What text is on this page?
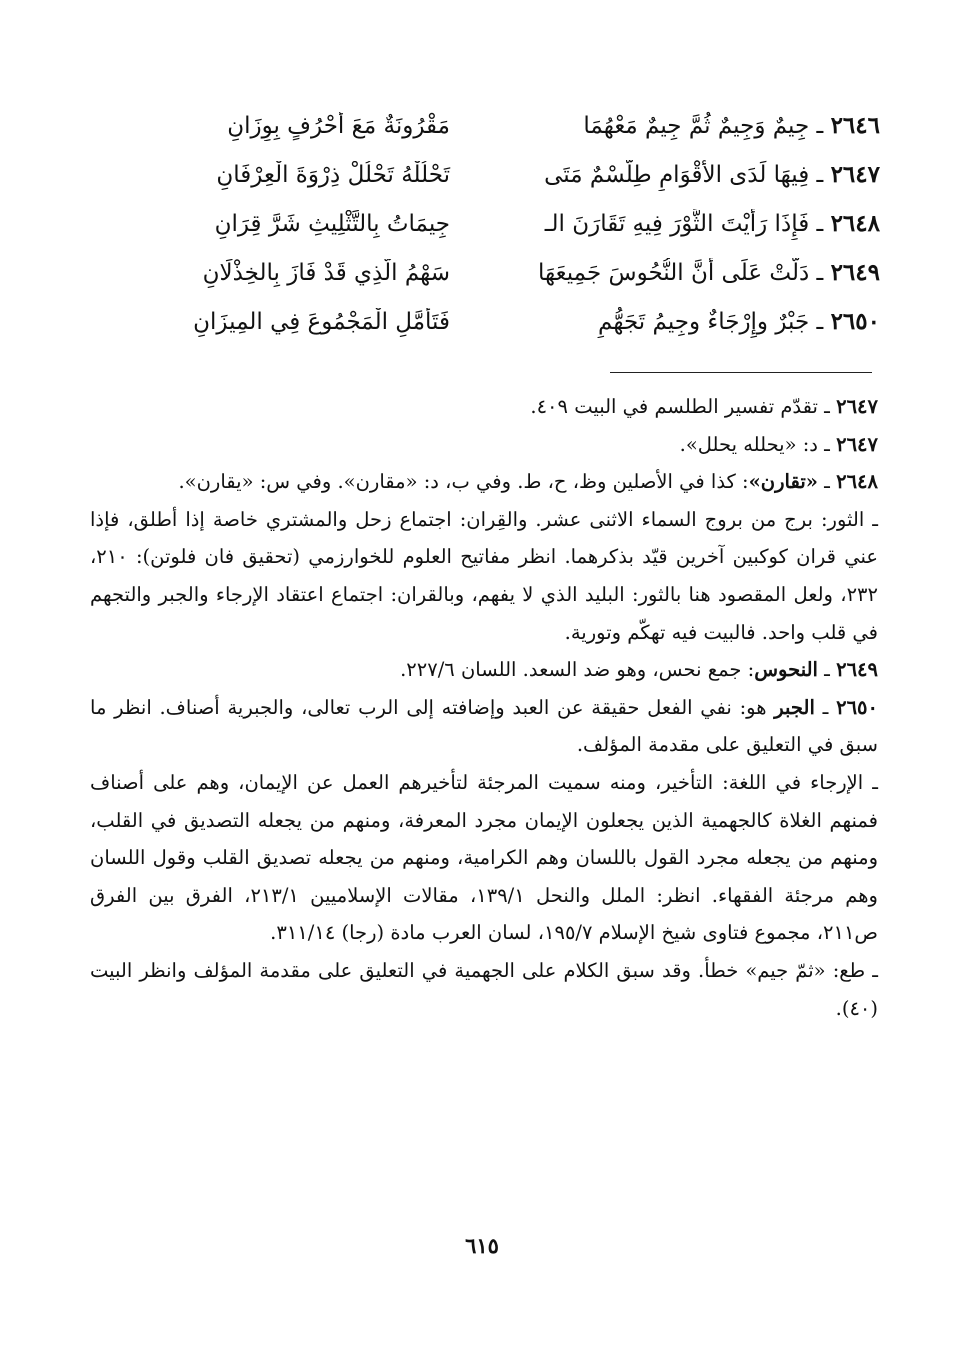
٢٦٤٦ ـ جِيمٌ وَجِيمٌ ثُمَّ جِيمٌ مَعْهُمَا
مَقْرُونَةٌ مَعَ أَحْرُفٍ بِوِزَانِ
٢٦٤٧ ـ فِيهَا لَدَى الأَقْوَامِ طِلَّسْمٌ مَتَى
تَحْلُلْهُ تَحْلُلْ ذِرْوَةَ الْعِرْفَانِ
٢٦٤٨ ـ فَإِذَا رَأَيْتَ الثَّوْرَ فِيهِ تَقَارَنَ الـ
جِيمَاتُ بِالتَّثْلِيثِ شَرَّ قِرَانِ
٢٦٤٩ ـ دَلَّتْ عَلَى أَنَّ النُّحُوسَ جَمِيعَهَا
سَهْمُ الَّذِي قَدْ فَازَ بِالخِذْلَانِ
٢٦٥٠ ـ جَبْرٌ وإِرْجَاءٌ وجِيمُ تَجَهُّمٍ
فَتَأَمَّلِ الْمَجْمُوعَ فِي المِيزَانِ

٢٦٤٧ ـ تقدّم تفسير الطلسم في البيت ٤٠٩.

٢٦٤٧ ـ د: «يحلله يحلل».

٢٦٤٨ ـ «تقارن»: كذا في الأصلين وظ، ح، ط. وفي ب، د: «مقارن». وفي س: «يقارن».

ـ الثور: برج من بروج السماء الاثنى عشر. والقِران: اجتماع زحل والمشتري خاصة إذا أطلق، فإذا عني قران كوكبين آخرين قيّد بذكرهما. انظر مفاتيح العلوم للخوارزمي (تحقيق فان فلوتن): ٢١٠، ٢٣٢، ولعل المقصود هنا بالثور: البليد الذي لا يفهم، وبالقران: اجتماع اعتقاد الإرجاء والجبر والتجهم في قلب واحد. فالبيت فيه تهكّم وتورية.

٢٦٤٩ ـ النحوس: جمع نحس، وهو ضد السعد. اللسان ٢٢٧/٦.

٢٦٥٠ ـ الجبر هو: نفي الفعل حقيقة عن العبد وإضافته إلى الرب تعالى، والجبرية أصناف. انظر ما سبق في التعليق على مقدمة المؤلف.

ـ الإرجاء في اللغة: التأخير، ومنه سميت المرجئة لتأخيرهم العمل عن الإيمان، وهم على أصناف فمنهم الغلاة كالجهمية الذين يجعلون الإيمان مجرد المعرفة، ومنهم من يجعله التصديق في القلب، ومنهم من يجعله مجرد القول باللسان وهم الكرامية، ومنهم من يجعله تصديق القلب وقول اللسان وهم مرجئة الفقهاء. انظر: الملل والنحل ١٣٩/١، مقالات الإسلاميين ٢١٣/١، الفرق بين الفرق ص٢١١، مجموع فتاوى شيخ الإسلام ١٩٥/٧، لسان العرب مادة (رجا) ٣١١/١٤.

ـ طع: «ثمّ جيم» خطأ. وقد سبق الكلام على الجهمية في التعليق على مقدمة المؤلف وانظر البيت (٤٠).

٦١٥
